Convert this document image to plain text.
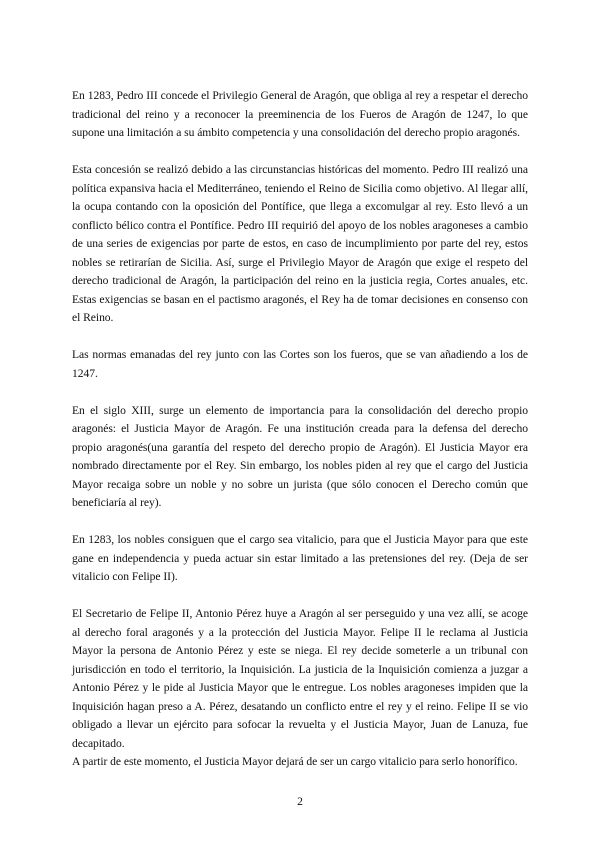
En 1283, Pedro III concede el Privilegio General de Aragón, que obliga al rey a respetar el derecho tradicional del reino y a reconocer la preeminencia de los Fueros de Aragón de 1247, lo que supone una limitación a su ámbito competencia y una consolidación del derecho propio aragonés.

Esta concesión se realizó debido a las circunstancias históricas del momento. Pedro III realizó una política expansiva hacia el Mediterráneo, teniendo el Reino de Sicilia como objetivo. Al llegar allí, la ocupa contando con la oposición del Pontífice, que llega a excomulgar al rey. Esto llevó a un conflicto bélico contra el Pontífice. Pedro III requirió del apoyo de los nobles aragoneses a cambio de una series de exigencias por parte de estos, en caso de incumplimiento por parte del rey, estos nobles se retirarían de Sicilia. Así, surge el Privilegio Mayor de Aragón que exige el respeto del derecho tradicional de Aragón, la participación del reino en la justicia regia, Cortes anuales, etc. Estas exigencias se basan en el pactismo aragonés, el Rey ha de tomar decisiones en consenso con el Reino.

Las normas emanadas del rey junto con las Cortes son los fueros, que se van añadiendo a los de 1247.

En el siglo XIII, surge un elemento de importancia para la consolidación del derecho propio aragonés: el Justicia Mayor de Aragón. Fe una institución creada para la defensa del derecho propio aragonés(una garantía del respeto del derecho propio de Aragón). El Justicia Mayor era nombrado directamente por el Rey. Sin embargo, los nobles piden al rey que el cargo del Justicia Mayor recaiga sobre un noble y no sobre un jurista (que sólo conocen el Derecho común que beneficiaría al rey).

En 1283, los nobles consiguen que el cargo sea vitalicio, para que el Justicia Mayor para que este gane en independencia y pueda actuar sin estar limitado a las pretensiones del rey. (Deja de ser vitalicio con Felipe II).

El Secretario de Felipe II, Antonio Pérez huye a Aragón al ser perseguido y una vez allí, se acoge al derecho foral aragonés y a la protección del Justicia Mayor. Felipe II le reclama al Justicia Mayor la persona de Antonio Pérez y este se niega. El rey decide someterle a un tribunal con jurisdicción en todo el territorio, la Inquisición. La justicia de la Inquisición comienza a juzgar a Antonio Pérez y le pide al Justicia Mayor que le entregue. Los nobles aragoneses impiden que la Inquisición hagan preso a A. Pérez, desatando un conflicto entre el rey y el reino. Felipe II se vio obligado a llevar un ejército para sofocar la revuelta y el Justicia Mayor, Juan de Lanuza, fue decapitado.

A partir de este momento, el Justicia Mayor dejará de ser un cargo vitalicio para serlo honorífico.

2
